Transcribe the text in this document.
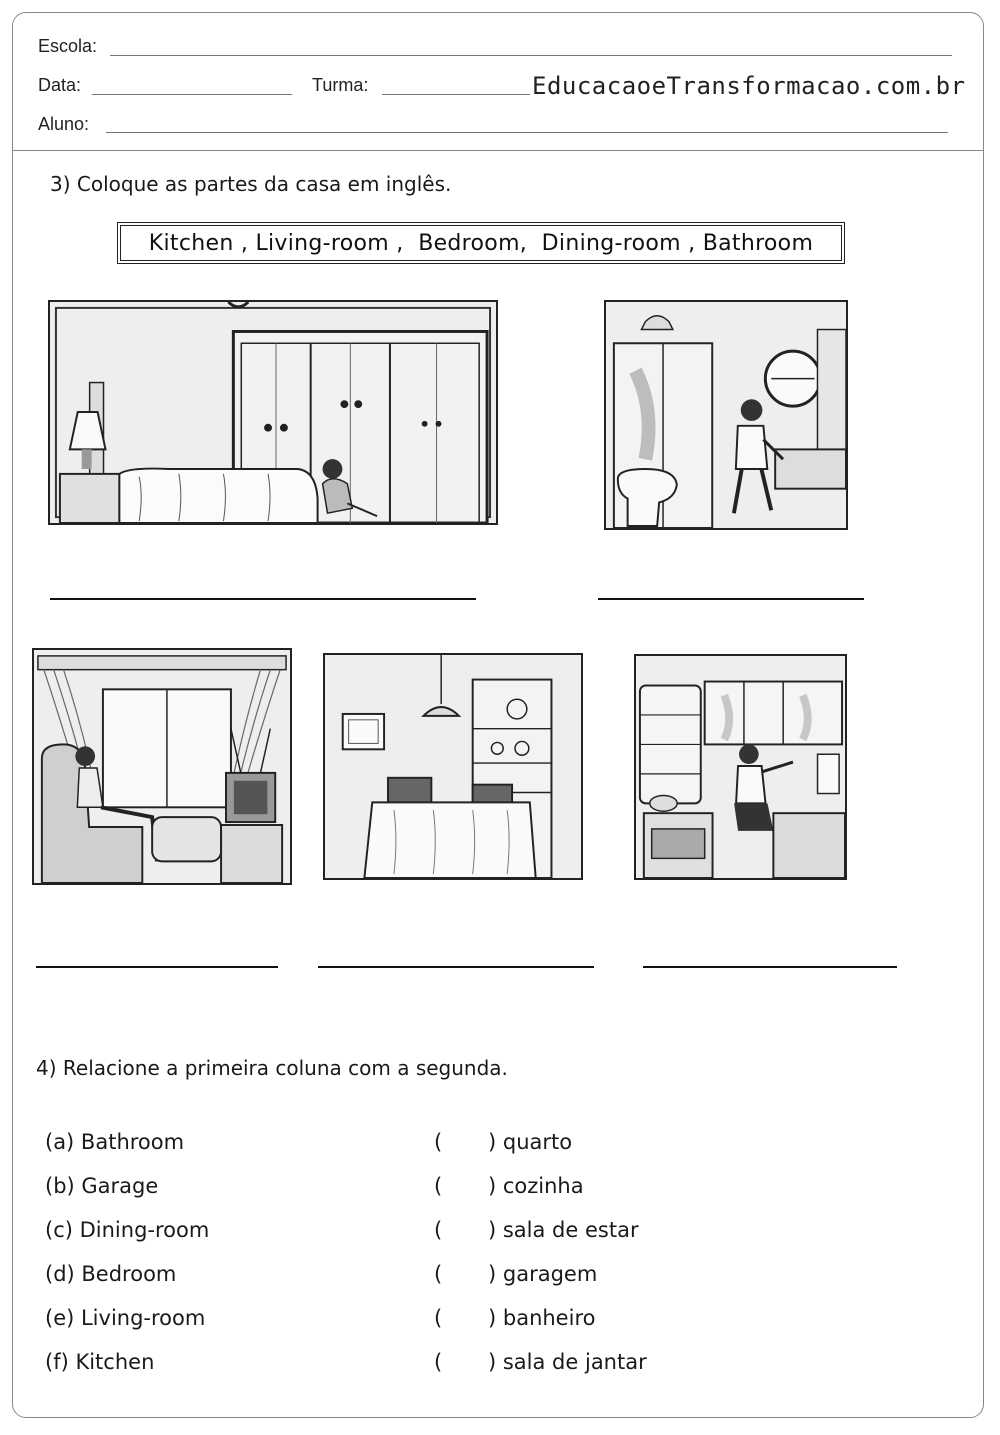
Escola:
Data:	Turma:	EducacaoeTransformacao.com.br
Aluno:
3) Coloque as partes da casa em inglês.
Kitchen , Living-room ,  Bedroom,  Dining-room , Bathroom
4) Relacione a primeira coluna com a segunda.
(a) Bathroom
(b) Garage
(c) Dining-room
(d) Bedroom
(e) Living-room
(f) Kitchen
(
(
(
(
(
(
) quarto
) cozinha
) sala de estar
) garagem
) banheiro
) sala de jantar
